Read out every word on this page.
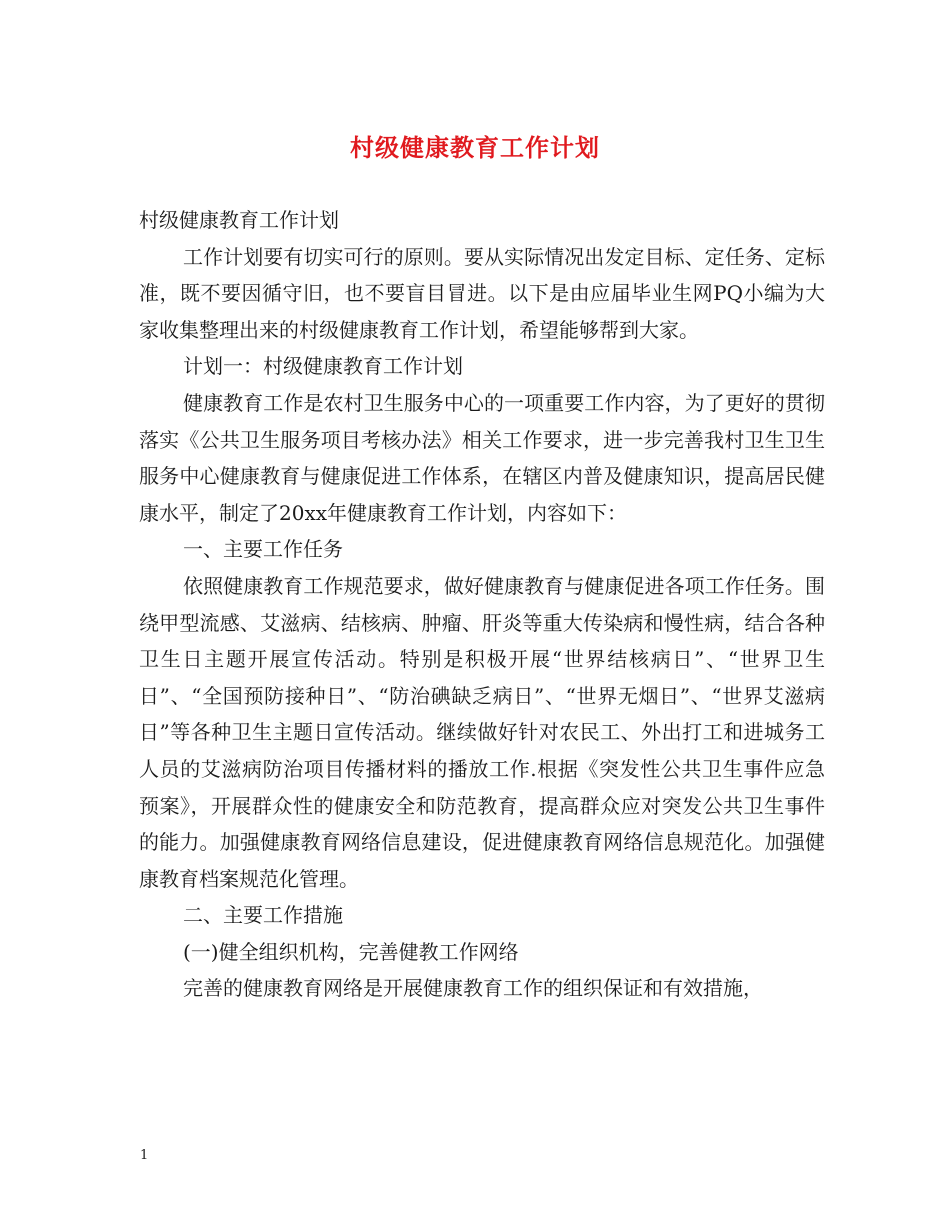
村级健康教育工作计划

村级健康教育工作计划

工作计划要有切实可行的原则。要从实际情况出发定目标、定任务、定标准，既不要因循守旧，也不要盲目冒进。以下是由应届毕业生网PQ小编为大家收集整理出来的村级健康教育工作计划，希望能够帮到大家。

计划一：村级健康教育工作计划

健康教育工作是农村卫生服务中心的一项重要工作内容，为了更好的贯彻落实《公共卫生服务项目考核办法》相关工作要求，进一步完善我村卫生卫生服务中心健康教育与健康促进工作体系，在辖区内普及健康知识，提高居民健康水平，制定了20xx年健康教育工作计划，内容如下：

一、主要工作任务

依照健康教育工作规范要求，做好健康教育与健康促进各项工作任务。围绕甲型流感、艾滋病、结核病、肿瘤、肝炎等重大传染病和慢性病，结合各种卫生日主题开展宣传活动。特别是积极开展“世界结核病日”、“世界卫生日”、“全国预防接种日”、“防治碘缺乏病日”、“世界无烟日”、“世界艾滋病日”等各种卫生主题日宣传活动。继续做好针对农民工、外出打工和进城务工人员的艾滋病防治项目传播材料的播放工作.根据《突发性公共卫生事件应急预案》，开展群众性的健康安全和防范教育，提高群众应对突发公共卫生事件的能力。加强健康教育网络信息建设，促进健康教育网络信息规范化。加强健康教育档案规范化管理。

二、主要工作措施

(一)健全组织机构，完善健教工作网络

完善的健康教育网络是开展健康教育工作的组织保证和有效措施，

1
